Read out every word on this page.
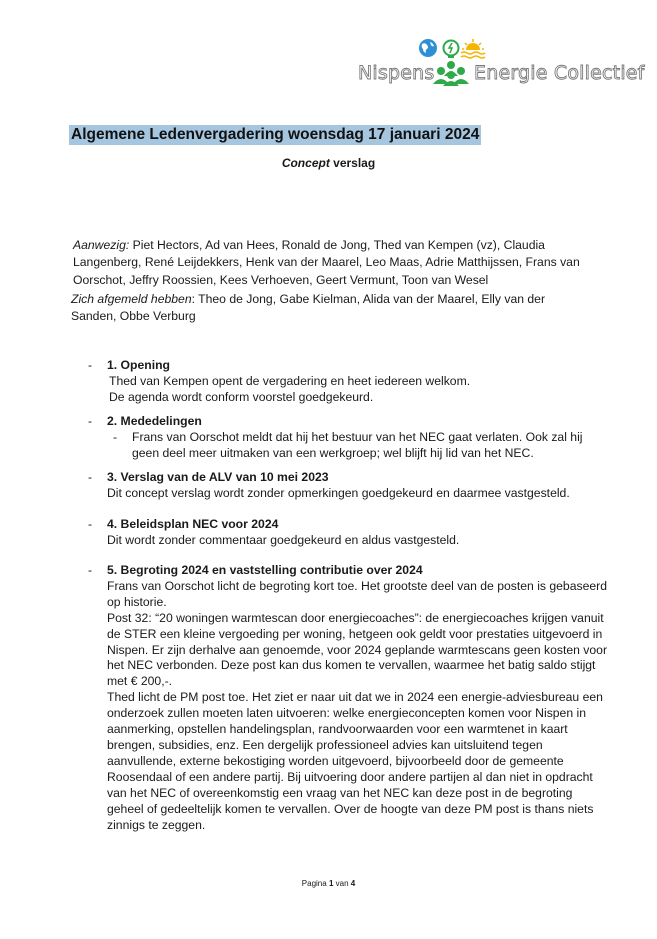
Nispens Energie Collectief
Algemene Ledenvergadering woensdag 17 januari 2024
Concept verslag
Aanwezig: Piet Hectors, Ad van Hees, Ronald de Jong, Thed van Kempen (vz), Claudia Langenberg, René Leijdekkers, Henk van der Maarel, Leo Maas, Adrie Matthijssen, Frans van Oorschot, Jeffry Roossien, Kees Verhoeven, Geert Vermunt, Toon van Wesel
Zich afgemeld hebben: Theo de Jong, Gabe Kielman, Alida van der Maarel, Elly van der Sanden, Obbe Verburg
- 1. Opening
Thed van Kempen opent de vergadering en heet iedereen welkom.
De agenda wordt conform voorstel goedgekeurd.
- 2. Mededelingen
- Frans van Oorschot meldt dat hij het bestuur van het NEC gaat verlaten. Ook zal hij geen deel meer uitmaken van een werkgroep; wel blijft hij lid van het NEC.
- 3. Verslag van de ALV van 10 mei 2023
Dit concept verslag wordt zonder opmerkingen goedgekeurd en daarmee vastgesteld.
- 4. Beleidsplan NEC voor 2024
Dit wordt zonder commentaar goedgekeurd en aldus vastgesteld.
- 5. Begroting 2024 en vaststelling contributie over 2024
Frans van Oorschot licht de begroting kort toe. Het grootste deel van de posten is gebaseerd op historie.
Post 32: “20 woningen warmtescan door energiecoaches”: de energiecoaches krijgen vanuit de STER een kleine vergoeding per woning, hetgeen ook geldt voor prestaties uitgevoerd in Nispen. Er zijn derhalve aan genoemde, voor 2024 geplande warmtescans geen kosten voor het NEC verbonden. Deze post kan dus komen te vervallen, waarmee het batig saldo stijgt met € 200,-.
Thed licht de PM post toe. Het ziet er naar uit dat we in 2024 een energie-adviesbureau een onderzoek zullen moeten laten uitvoeren: welke energieconcepten komen voor Nispen in aanmerking, opstellen handelingsplan, randvoorwaarden voor een warmtenet in kaart brengen, subsidies, enz. Een dergelijk professioneel advies kan uitsluitend tegen aanvullende, externe bekostiging worden uitgevoerd, bijvoorbeeld door de gemeente Roosendaal of een andere partij. Bij uitvoering door andere partijen al dan niet in opdracht van het NEC of overeenkomstig een vraag van het NEC kan deze post in de begroting geheel of gedeeltelijk komen te vervallen. Over de hoogte van deze PM post is thans niets zinnigs te zeggen.
Pagina 1 van 4
